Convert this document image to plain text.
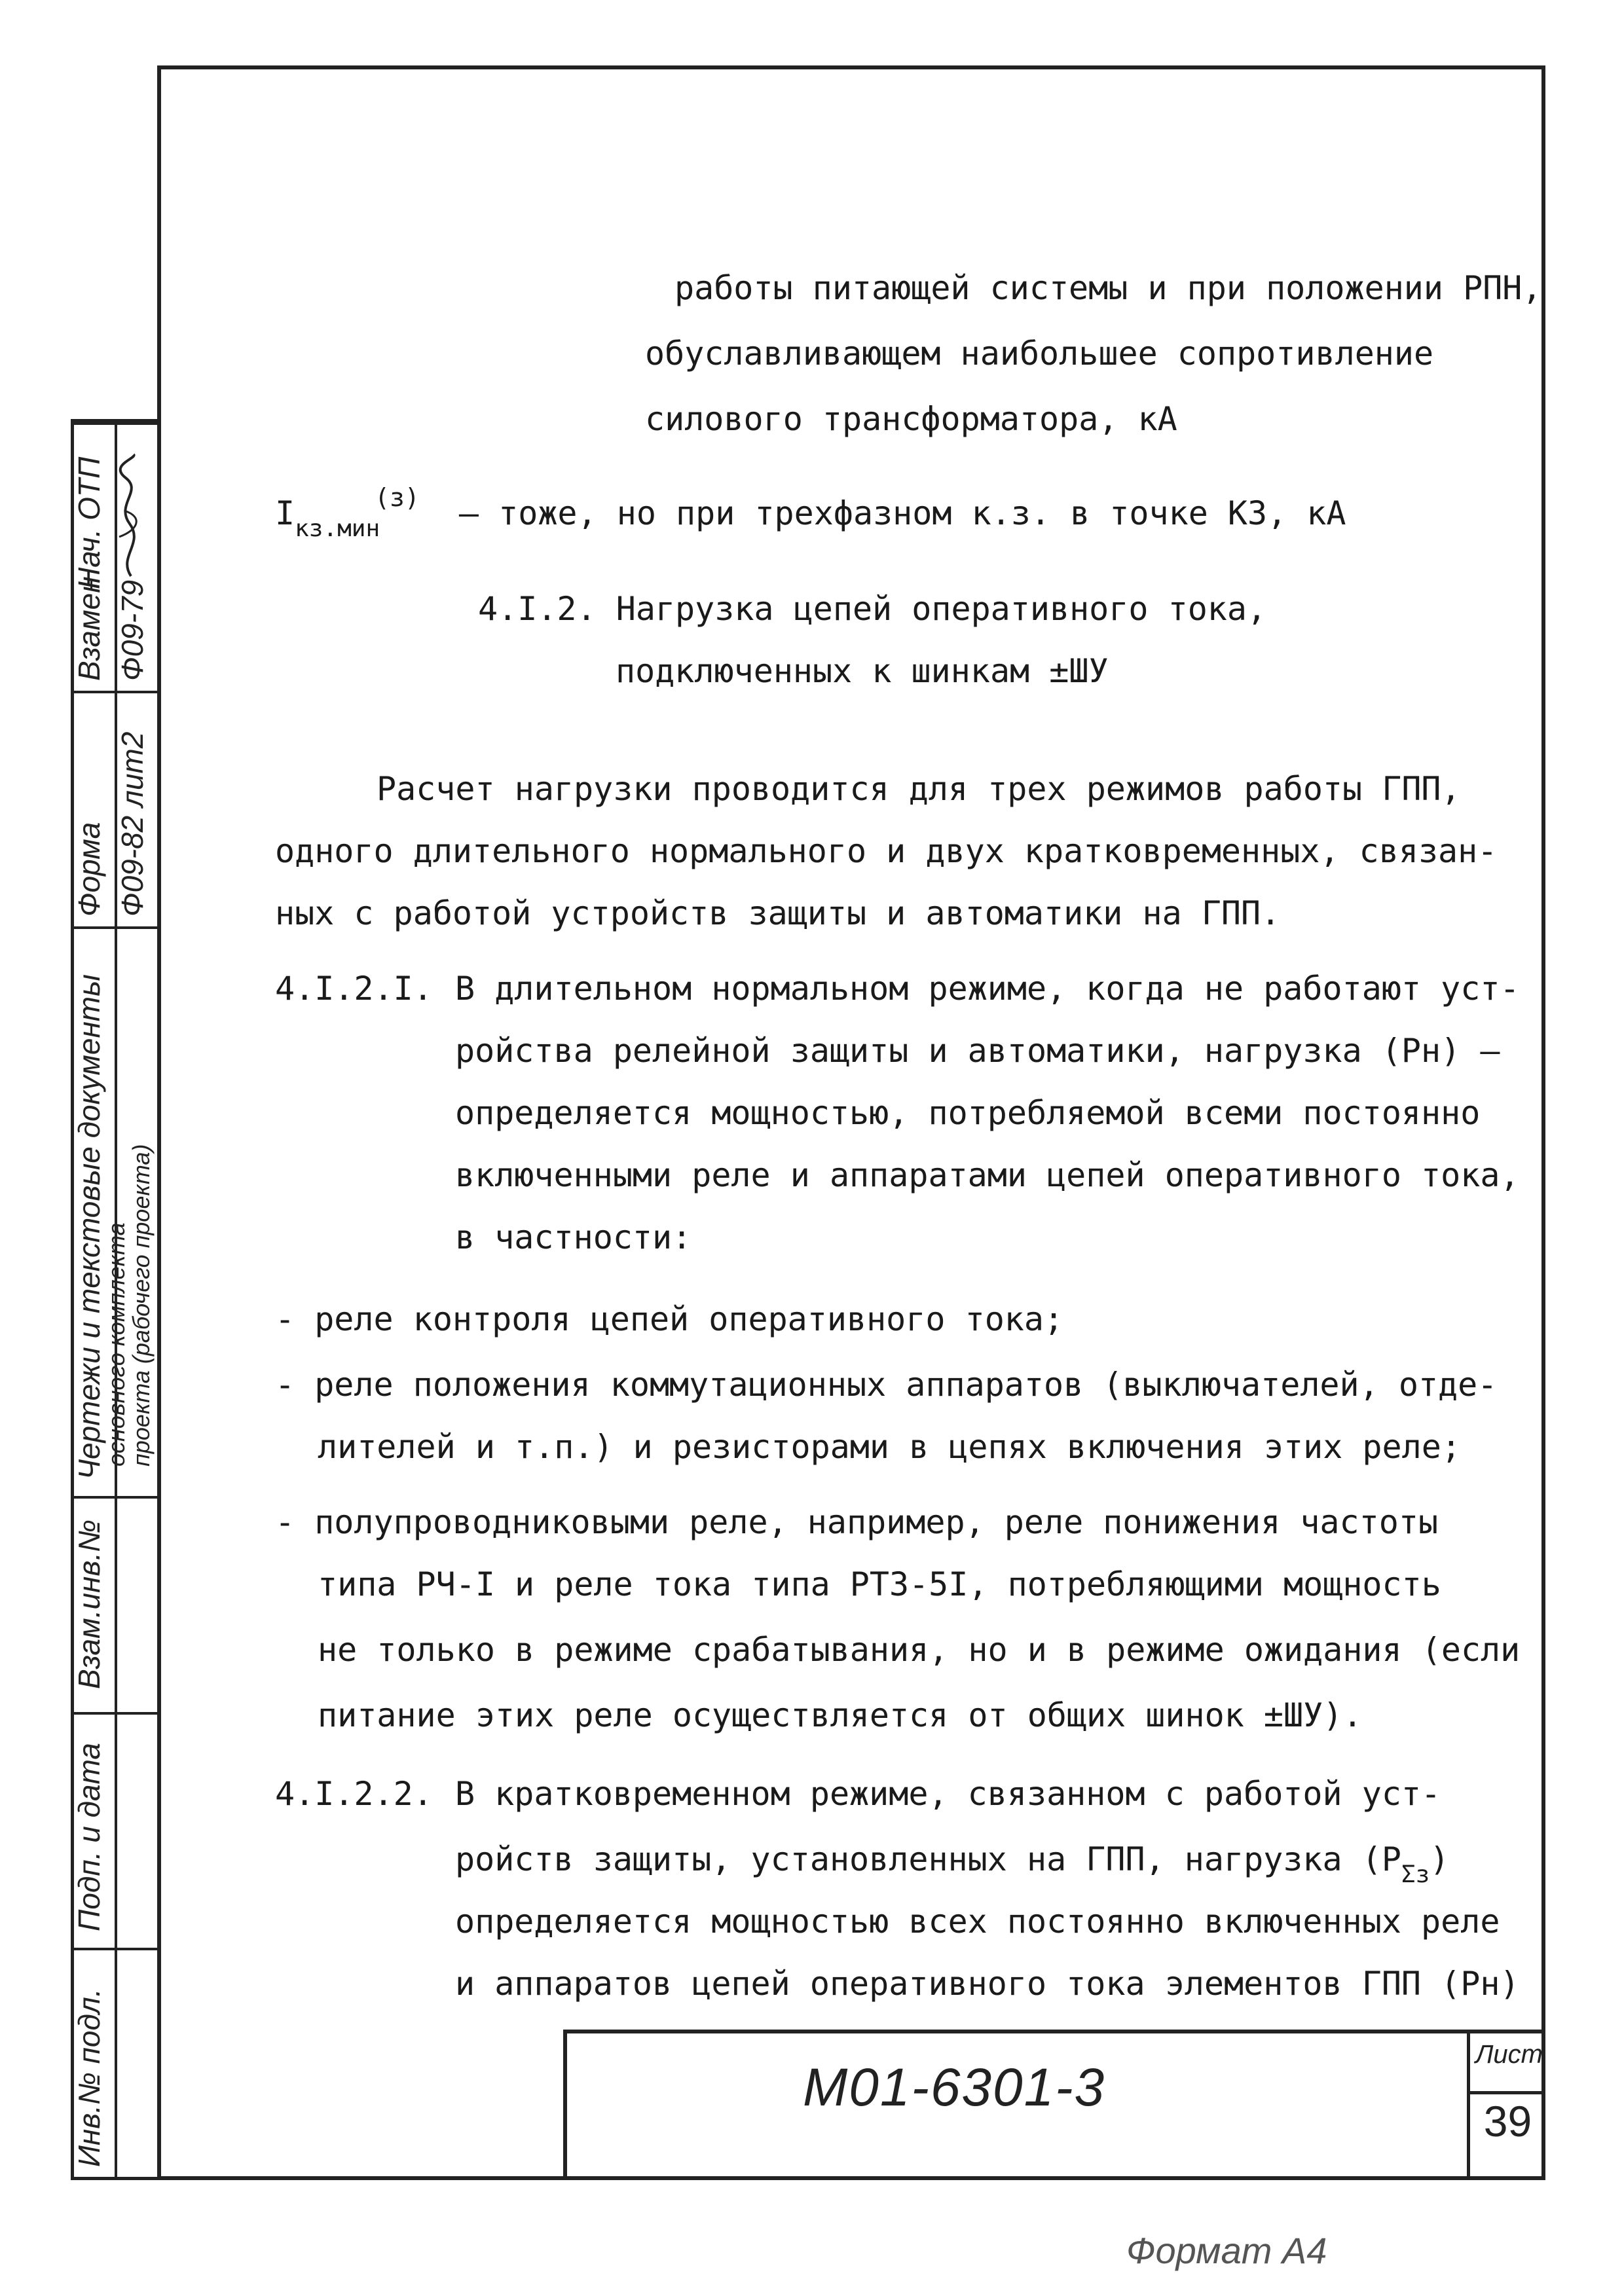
Инв.№ подл.
Подп. и дата
Взам.инв.№
Чертежи и текстовые документы
основного комплекта
проекта (рабочего проекта)
Форма Ф09-82 лит2
Взамен Ф09-79
Нач. ОТП
работы питающей системы и при положении РПН,
обуславливающем наибольшее сопротивление
силового трансформатора, кА
$I_{кз.мин}^{(з)}$ – тоже, но при трехфазном к.з. в точке КЗ, кА
4.I.2. Нагрузка цепей оперативного тока,
подключенных к шинкам ±ШУ
Расчет нагрузки проводится для трех режимов работы ГПП,
одного длительного нормального и двух кратковременных, связан-
ных с работой устройств защиты и автоматики на ГПП.
4.I.2.I. В длительном нормальном режиме, когда не работают уст-
ройства релейной защиты и автоматики, нагрузка (Рн) –
определяется мощностью, потребляемой всеми постоянно
включенными реле и аппаратами цепей оперативного тока,
в частности:
- реле контроля цепей оперативного тока;
- реле положения коммутационных аппаратов (выключателей, отде-
лителей и т.п.) и резисторами в цепях включения этих реле;
- полупроводниковыми реле, например, реле понижения частоты
типа РЧ-I и реле тока типа РТЗ-5I, потребляющими мощность
не только в режиме срабатывания, но и в режиме ожидания (если
питание этих реле осуществляется от общих шинок ±ШУ).
4.I.2.2. В кратковременном режиме, связанном с работой уст-
ройств защиты, установленных на ГПП, нагрузка $(Р_{\Sigma з})$
определяется мощностью всех постоянно включенных реле
и аппаратов цепей оперативного тока элементов ГПП (Рн)
М01-6301-3
Лист
39
Формат А4
